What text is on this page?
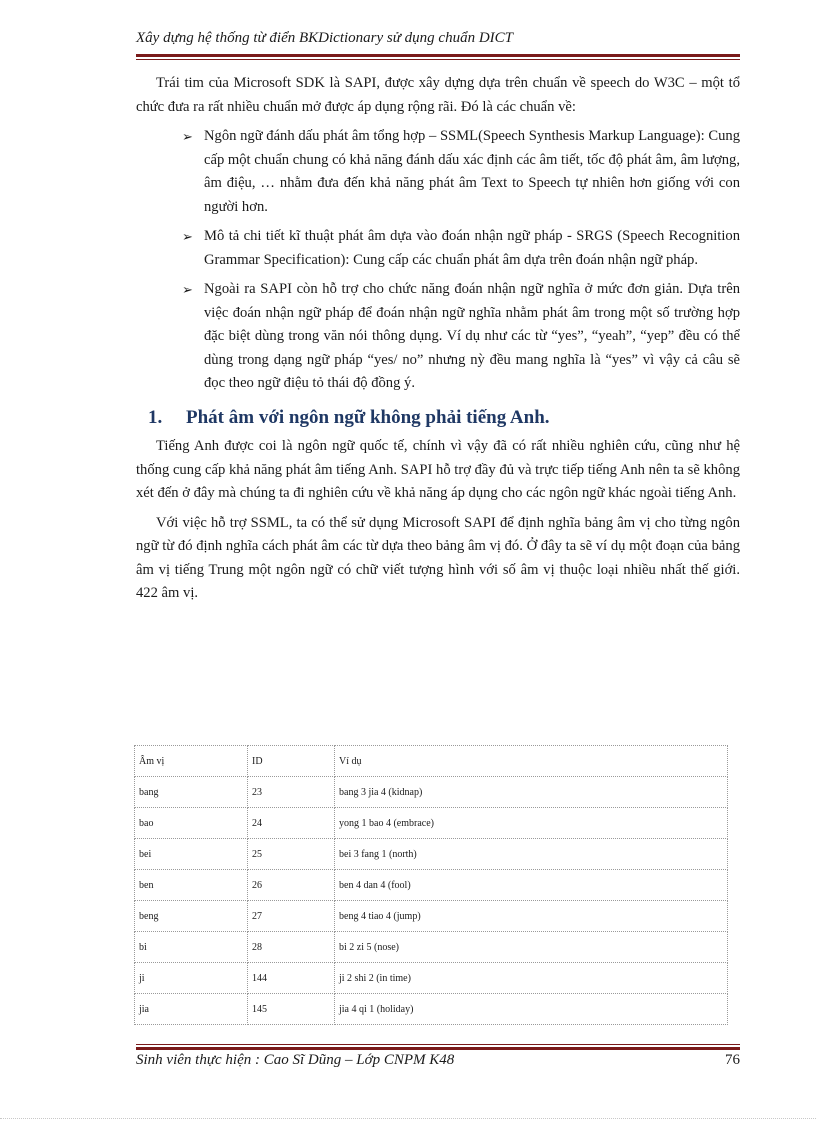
Xây dựng hệ thống từ điển BKDictionary sử dụng chuẩn DICT

Trái tim của Microsoft SDK là SAPI, được xây dựng dựa trên chuẩn về speech do W3C – một tổ chức đưa ra rất nhiều chuẩn mở được áp dụng rộng rãi. Đó là các chuẩn về:

➢ Ngôn ngữ đánh dấu phát âm tổng hợp – SSML(Speech Synthesis Markup Language): Cung cấp một chuẩn chung có khả năng đánh dấu xác định các âm tiết, tốc độ phát âm, âm lượng, âm điệu, … nhằm đưa đến khả năng phát âm Text to Speech tự nhiên hơn giống với con người hơn.
➢ Mô tả chi tiết kĩ thuật phát âm dựa vào đoán nhận ngữ pháp - SRGS (Speech Recognition Grammar Specification): Cung cấp các chuẩn phát âm dựa trên đoán nhận ngữ pháp.
➢ Ngoài ra SAPI còn hỗ trợ cho chức năng đoán nhận ngữ nghĩa ở mức đơn giản. Dựa trên việc đoán nhận ngữ pháp để đoán nhận ngữ nghĩa nhằm phát âm trong một số trường hợp đặc biệt dùng trong văn nói thông dụng. Ví dụ như các từ “yes”, “yeah”, “yep” đều có thể dùng trong dạng ngữ pháp “yes/ no” nhưng nỳ đều mang nghĩa là “yes” vì vậy cả câu sẽ đọc theo ngữ điệu tỏ thái độ đồng ý.
1. Phát âm với ngôn ngữ không phải tiếng Anh.

Tiếng Anh được coi là ngôn ngữ quốc tế, chính vì vậy đã có rất nhiều nghiên cứu, cũng như hệ thống cung cấp khả năng phát âm tiếng Anh. SAPI hỗ trợ đầy đủ và trực tiếp tiếng Anh nên ta sẽ không xét đến ở đây mà chúng ta đi nghiên cứu về khả năng áp dụng cho các ngôn ngữ khác ngoài tiếng Anh.

Với việc hỗ trợ SSML, ta có thể sử dụng Microsoft SAPI để định nghĩa bảng âm vị cho từng ngôn ngữ từ đó định nghĩa cách phát âm các từ dựa theo bảng âm vị đó. Ở đây ta sẽ ví dụ một đoạn của bảng âm vị tiếng Trung một ngôn ngữ có chữ viết tượng hình với số âm vị thuộc loại nhiều nhất thế giới. 422 âm vị.

Âm vị	ID	Ví dụ
bang	23	bang 3 jia 4 (kidnap)
bao	24	yong 1 bao 4 (embrace)
bei	25	bei 3 fang 1 (north)
ben	26	ben 4 dan 4 (fool)
beng	27	beng 4 tiao 4 (jump)
bi	28	bi 2 zi 5 (nose)
ji	144	ji 2 shi 2 (in time)
jia	145	jia 4 qi 1 (holiday)
Sinh viên thực hiện : Cao Sĩ Dũng – Lớp CNPM K48	76
